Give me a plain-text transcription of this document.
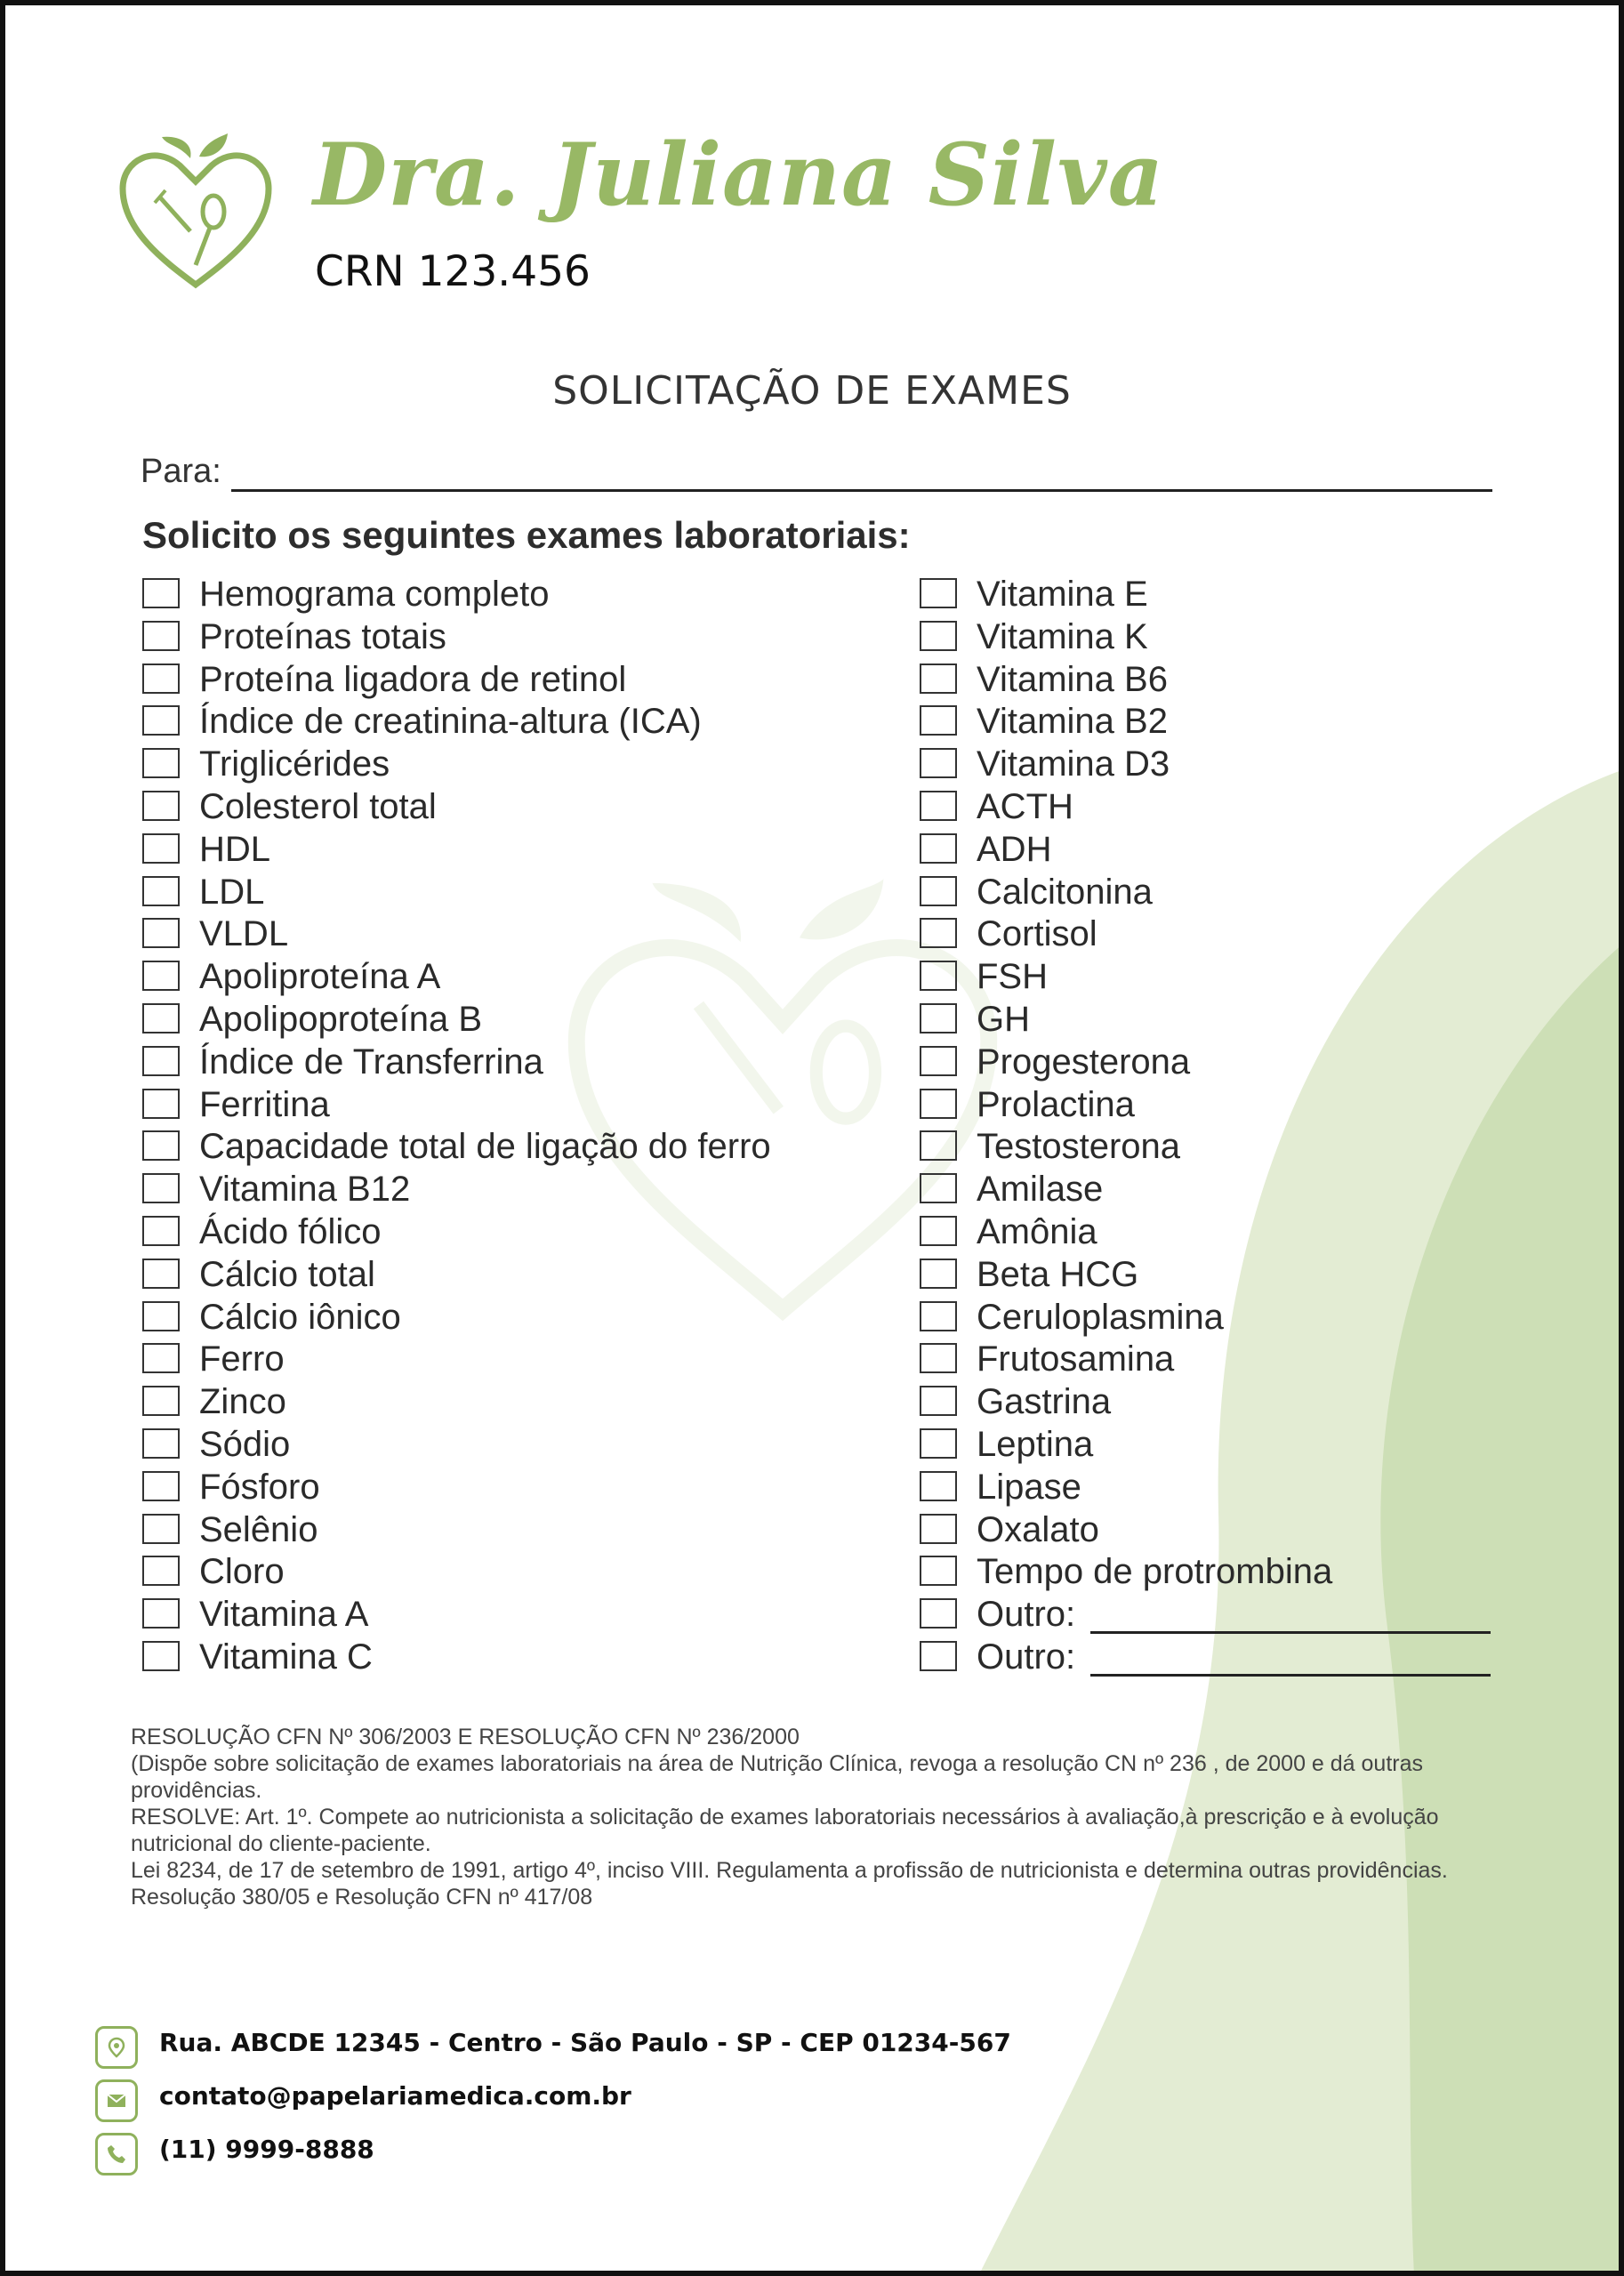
Dra. Juliana Silva
CRN 123.456
SOLICITAÇÃO DE EXAMES
Para:
Solicito os seguintes exames laboratoriais:
Hemograma completo
Proteínas totais
Proteína ligadora de retinol
Índice de creatinina-altura (ICA)
Triglicérides
Colesterol total
HDL
LDL
VLDL
Apoliproteína A
Apolipoproteína B
Índice de Transferrina
Ferritina
Capacidade total de ligação do ferro
Vitamina B12
Ácido fólico
Cálcio total
Cálcio iônico
Ferro
Zinco
Sódio
Fósforo
Selênio
Cloro
Vitamina A
Vitamina C
Vitamina E
Vitamina K
Vitamina B6
Vitamina B2
Vitamina D3
ACTH
ADH
Calcitonina
Cortisol
FSH
GH
Progesterona
Prolactina
Testosterona
Amilase
Amônia
Beta HCG
Ceruloplasmina
Frutosamina
Gastrina
Leptina
Lipase
Oxalato
Tempo de protrombina
Outro:
Outro:
RESOLUÇÃO CFN Nº 306/2003 E RESOLUÇÃO CFN Nº 236/2000
(Dispõe sobre solicitação de exames laboratoriais na área de Nutrição Clínica, revoga a resolução CN nº 236 , de 2000 e dá outras providências.
RESOLVE: Art. 1º. Compete ao nutricionista a solicitação de exames laboratoriais necessários à avaliação,à prescrição e à evolução nutricional do cliente-paciente.
Lei 8234, de 17 de setembro de 1991, artigo 4º, inciso VIII. Regulamenta a profissão de nutricionista e determina outras providências.
Resolução 380/05 e Resolução CFN nº 417/08
Rua. ABCDE 12345 - Centro - São Paulo - SP - CEP 01234-567
contato@papelariamedica.com.br
(11) 9999-8888
